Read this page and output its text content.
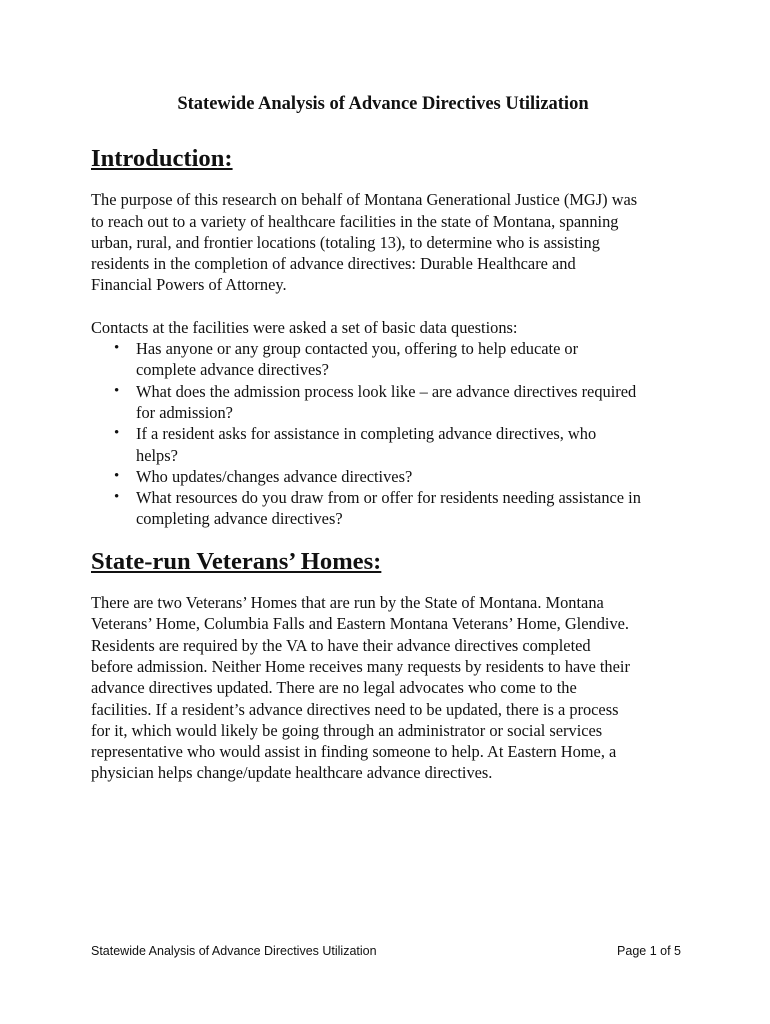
Statewide Analysis of Advance Directives Utilization
Introduction:
The purpose of this research on behalf of Montana Generational Justice (MGJ) was
to reach out to a variety of healthcare facilities in the state of Montana, spanning
urban, rural, and frontier locations (totaling 13), to determine who is assisting
residents in the completion of advance directives: Durable Healthcare and
Financial Powers of Attorney.
Contacts at the facilities were asked a set of basic data questions:
• Has anyone or any group contacted you, offering to help educate or
complete advance directives?
• What does the admission process look like – are advance directives required
for admission?
• If a resident asks for assistance in completing advance directives, who
helps?
• Who updates/changes advance directives?
• What resources do you draw from or offer for residents needing assistance in
completing advance directives?
State-run Veterans’ Homes:
There are two Veterans’ Homes that are run by the State of Montana. Montana
Veterans’ Home, Columbia Falls and Eastern Montana Veterans’ Home, Glendive.
Residents are required by the VA to have their advance directives completed
before admission. Neither Home receives many requests by residents to have their
advance directives updated. There are no legal advocates who come to the
facilities. If a resident’s advance directives need to be updated, there is a process
for it, which would likely be going through an administrator or social services
representative who would assist in finding someone to help. At Eastern Home, a
physician helps change/update healthcare advance directives.
Statewide Analysis of Advance Directives Utilization	Page 1 of 5
